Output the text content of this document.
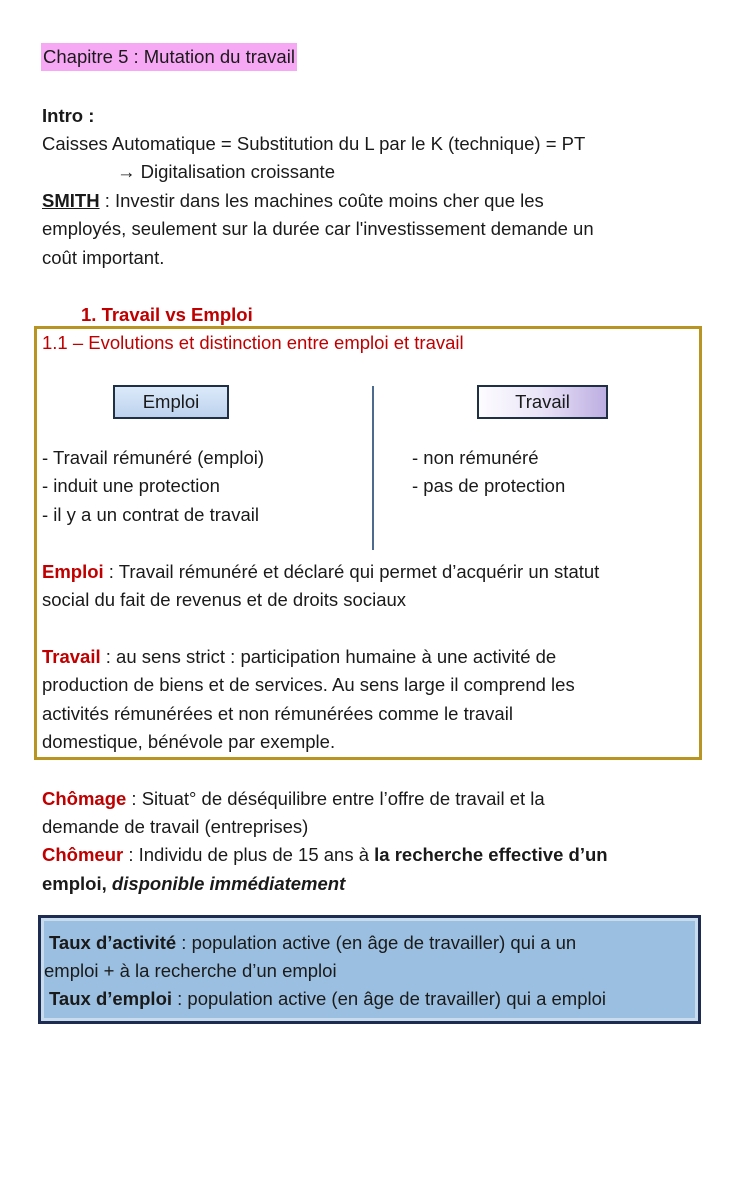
Chapitre 5 : Mutation du travail
Intro :
Caisses Automatique = Substitution du L par le K (technique) = PT
→ Digitalisation croissante
SMITH : Investir dans les machines coûte moins cher que les
employés, seulement sur la durée car l'investissement demande un
coût important.
1. Travail vs Emploi
1.1 – Evolutions et distinction entre emploi et travail
Emploi	Travail
- Travail rémunéré (emploi)
- induit une protection
- il y a un contrat de travail
- non rémunéré
- pas de protection
Emploi : Travail rémunéré et déclaré qui permet d’acquérir un statut
social du fait de revenus et de droits sociaux
Travail : au sens strict : participation humaine à une activité de
production de biens et de services. Au sens large il comprend les
activités rémunérées et non rémunérées comme le travail
domestique, bénévole par exemple.
Chômage : Situat° de déséquilibre entre l’offre de travail et la
demande de travail (entreprises)
Chômeur : Individu de plus de 15 ans à la recherche effective d’un
emploi, disponible immédiatement
Taux d’activité : population active (en âge de travailler) qui a un
emploi + à la recherche d’un emploi
Taux d’emploi : population active (en âge de travailler) qui a emploi
